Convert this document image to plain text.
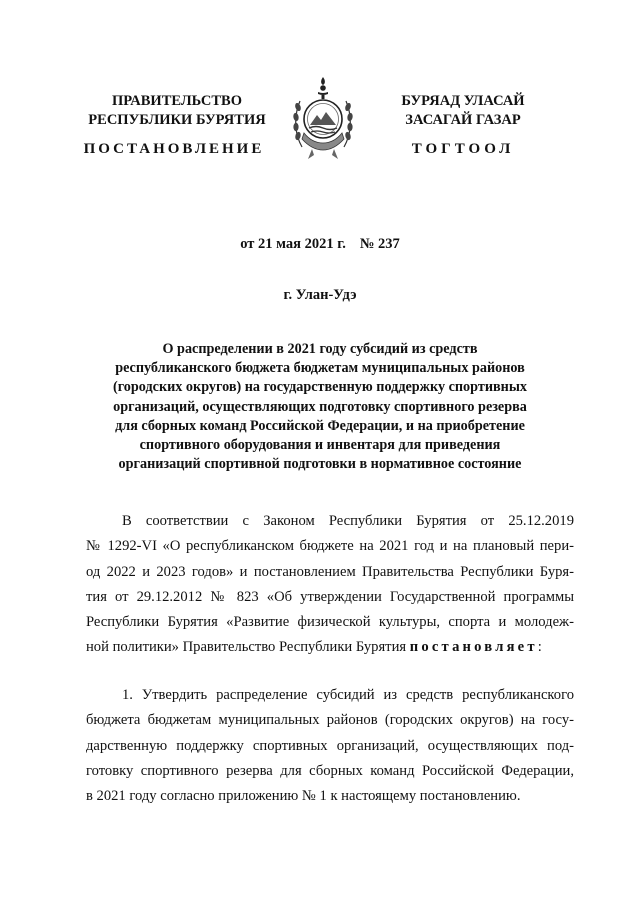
ПРАВИТЕЛЬСТВО
РЕСПУБЛИКИ БУРЯТИЯ
БУРЯАД УЛАСАЙ
ЗАСАГАЙ ГАЗАР
ПОСТАНОВЛЕНИЕ	ТОГТООЛ
от 21 мая 2021 г. № 237
г. Улан-Удэ
О распределении в 2021 году субсидий из средств
республиканского бюджета бюджетам муниципальных районов
(городских округов) на государственную поддержку спортивных
организаций, осуществляющих подготовку спортивного резерва
для сборных команд Российской Федерации, и на приобретение
спортивного оборудования и инвентаря для приведения
организаций спортивной подготовки в нормативное состояние
В соответствии с Законом Республики Бурятия от 25.12.2019
№ 1292-VI «О республиканском бюджете на 2021 год и на плановый пери-
од 2022 и 2023 годов» и постановлением Правительства Республики Буря-
тия от 29.12.2012 № 823 «Об утверждении Государственной программы
Республики Бурятия «Развитие физической культуры, спорта и молодеж-
ной политики» Правительство Республики Бурятия постановляет:
1. Утвердить распределение субсидий из средств республиканского
бюджета бюджетам муниципальных районов (городских округов) на госу-
дарственную поддержку спортивных организаций, осуществляющих под-
готовку спортивного резерва для сборных команд Российской Федерации,
в 2021 году согласно приложению № 1 к настоящему постановлению.
